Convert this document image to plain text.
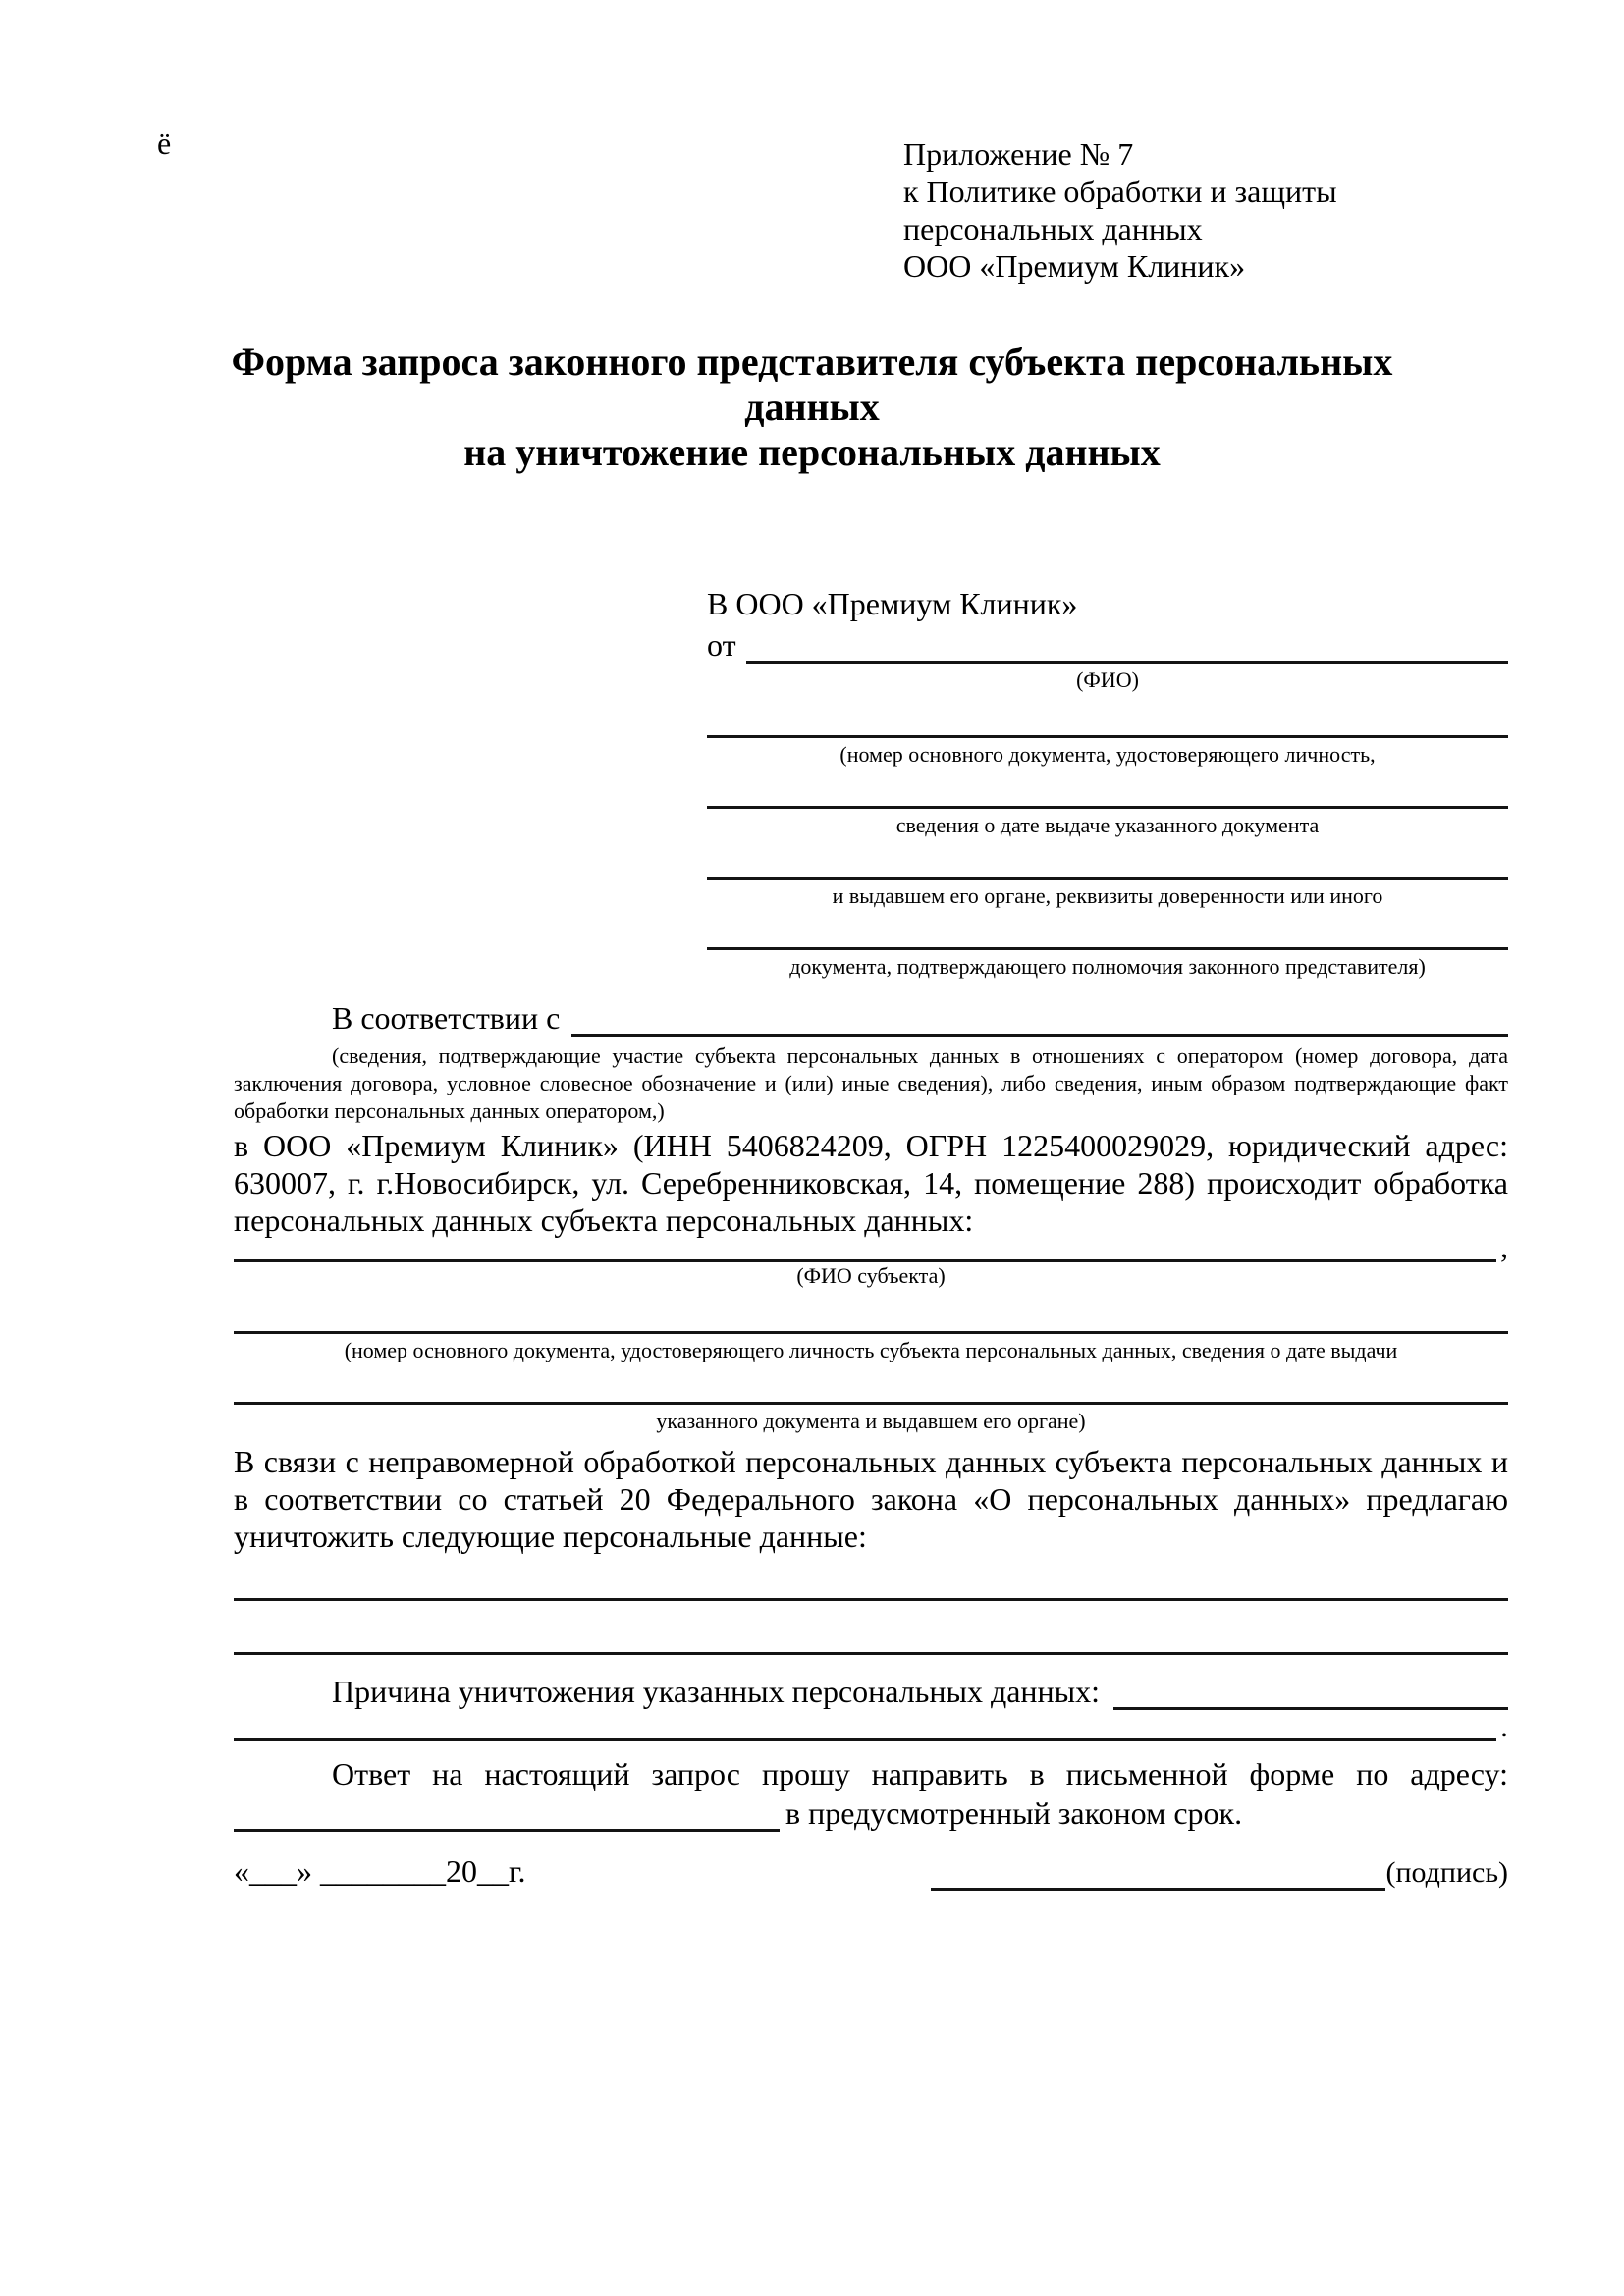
ё	Приложение № 7
к Политике обработки и защиты
персональных данных
ООО «Премиум Клиник»
Форма запроса законного представителя субъекта персональных данных
на уничтожение персональных данных
В ООО «Премиум Клиник»
от
(ФИО)
(номер основного документа, удостоверяющего личность,
сведения о дате выдаче указанного документа
и выдавшем его органе, реквизиты доверенности или иного
документа, подтверждающего полномочия законного представителя)
В соответствии с
(сведения, подтверждающие участие субъекта персональных данных в отношениях с оператором (номер договора, дата заключения договора, условное словесное обозначение и (или) иные сведения), либо сведения, иным образом подтверждающие факт обработки персональных данных оператором,)
в ООО «Премиум Клиник» (ИНН 5406824209, ОГРН 1225400029029, юридический адрес: 630007, г. г.Новосибирск, ул. Серебренниковская, 14, помещение 288) происходит обработка персональных данных субъекта персональных данных:
,
(ФИО субъекта)
(номер основного документа, удостоверяющего личность субъекта персональных данных, сведения о дате выдачи
указанного документа и выдавшем его органе)
В связи с неправомерной обработкой персональных данных субъекта персональных данных и в соответствии со статьей 20 Федерального закона «О персональных данных» предлагаю уничтожить следующие персональные данные:
Причина уничтожения указанных персональных данных:
.
Ответ на настоящий запрос прошу направить в письменной форме по адресу:
в предусмотренный законом срок.
«___» ________20__г.	(подпись)
